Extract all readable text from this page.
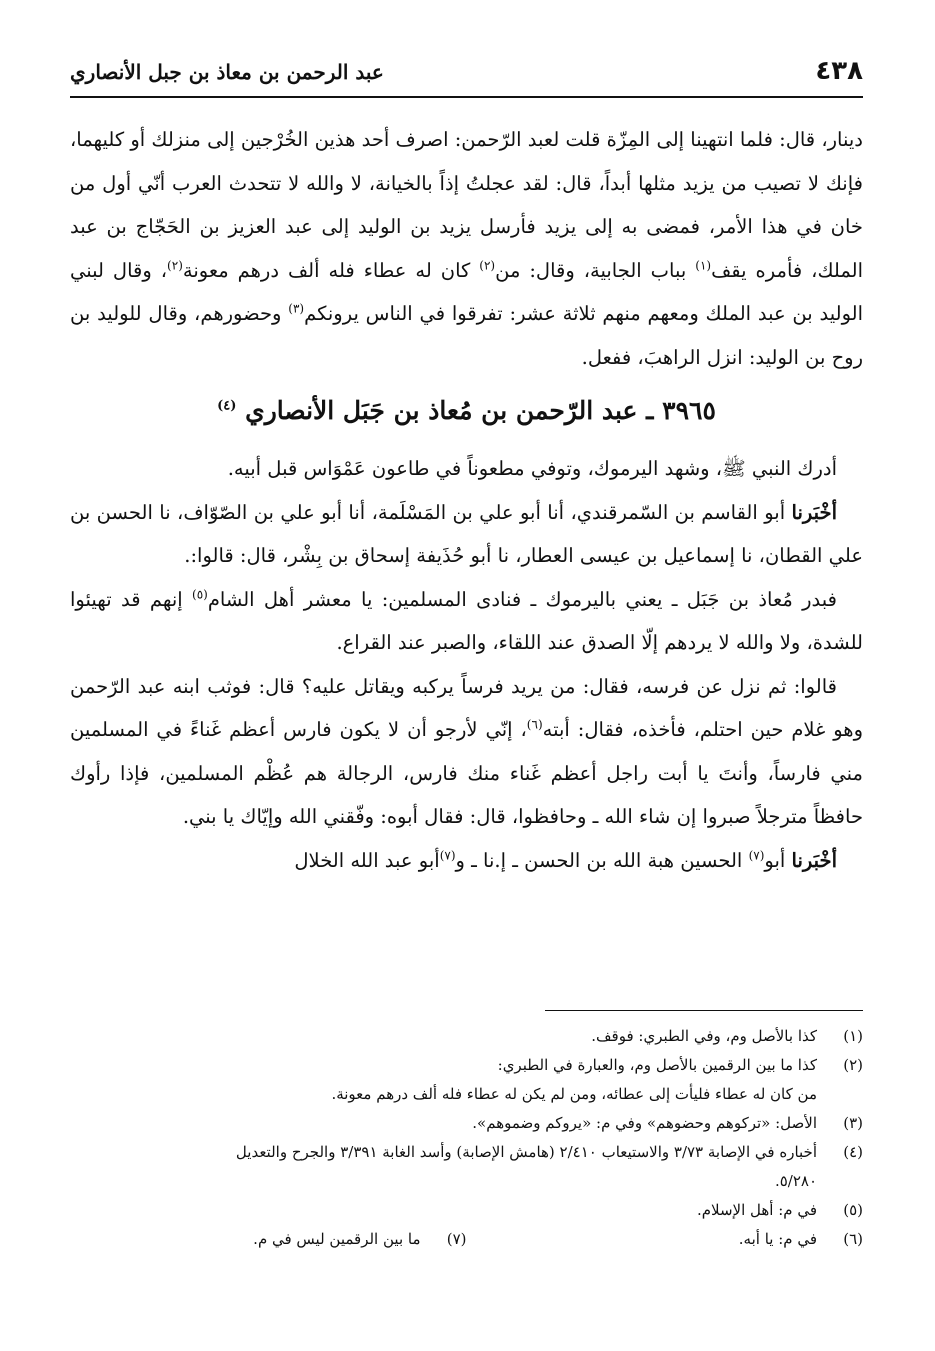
٤٣٨
عبد الرحمن بن معاذ بن جبل الأنصاري

دينار، قال: فلما انتهينا إلى المِزّة قلت لعبد الرّحمن: اصرف أحد هذين الخُرْجين إلى منزلك أو كليهما، فإنك لا تصيب من يزيد مثلها أبداً، قال: لقد عجلتُ إذاً بالخيانة، لا والله لا تتحدث العرب أنّي أول من خان في هذا الأمر، فمضى به إلى يزيد فأرسل يزيد بن الوليد إلى عبد العزيز بن الحَجّاج بن عبد الملك، فأمره يقف$^{(١)}$ بباب الجابية، وقال: من$^{(٢)}$ كان له عطاء فله ألف درهم معونة$^{(٢)}$، وقال لبني الوليد بن عبد الملك ومعهم منهم ثلاثة عشر: تفرقوا في الناس يرونكم$^{(٣)}$ وحضورهم، وقال للوليد بن روح بن الوليد: انزل الراهبَ، ففعل.

٣٩٦٥ ـ عبد الرّحمن بن مُعاذ بن جَبَل الأنصاري $^{(٤)}$

أدرك النبي ﷺ، وشهد اليرموك، وتوفي مطعوناً في طاعون عَمْوَاس قبل أبيه.

أخْبَرنا أبو القاسم بن السّمرقندي، أنا أبو علي بن المَسْلَمة، أنا أبو علي بن الصّوّاف، نا الحسن بن علي القطان، نا إسماعيل بن عيسى العطار، نا أبو حُذَيفة إسحاق بن بِشْر، قال: قالوا:.

فبدر مُعاذ بن جَبَل ـ يعني باليرموك ـ فنادى المسلمين: يا معشر أهل الشام$^{(٥)}$ إنهم قد تهيئوا للشدة، ولا والله لا يردهم إلّا الصدق عند اللقاء، والصبر عند القراع.

قالوا: ثم نزل عن فرسه، فقال: من يريد فرساً يركبه ويقاتل عليه؟ قال: فوثب ابنه عبد الرّحمن وهو غلام حين احتلم، فأخذه، فقال: أبته$^{(٦)}$، إنّي لأرجو أن لا يكون فارس أعظم غَناءً في المسلمين مني فارساً، وأنتَ يا أبت راجل أعظم غَناء منك فارس، الرجالة هم عُظْم المسلمين، فإذا رأوك حافظاً مترجلاً صبروا إن شاء الله ـ وحافظوا، قال: فقال أبوه: وفّقني الله وإيّاك يا بني.

أخْبَرنا أبو$^{(٧)}$ الحسين هبة الله بن الحسن ـ إ.نا ـ و$^{(٧)}$أبو عبد الله الخلال

(١)
كذا بالأصل وم، وفي الطبري: فوقف.
(٢)
كذا ما بين الرقمين بالأصل وم، والعبارة في الطبري:
من كان له عطاء فليأت إلى عطائه، ومن لم يكن له عطاء فله ألف درهم معونة.
(٣)
الأصل: «تركوهم وحضوهم» وفي م: «يروكم وضموهم».
(٤)
أخباره في الإصابة ٣/٧٣ والاستيعاب ٢/٤١٠ (هامش الإصابة) وأسد الغابة ٣/٣٩١ والجرح والتعديل
٥/٢٨٠.
(٥)
في م: أهل الإسلام.
(٦)
في م: يا أبه.
(٧)
ما بين الرقمين ليس في م.
